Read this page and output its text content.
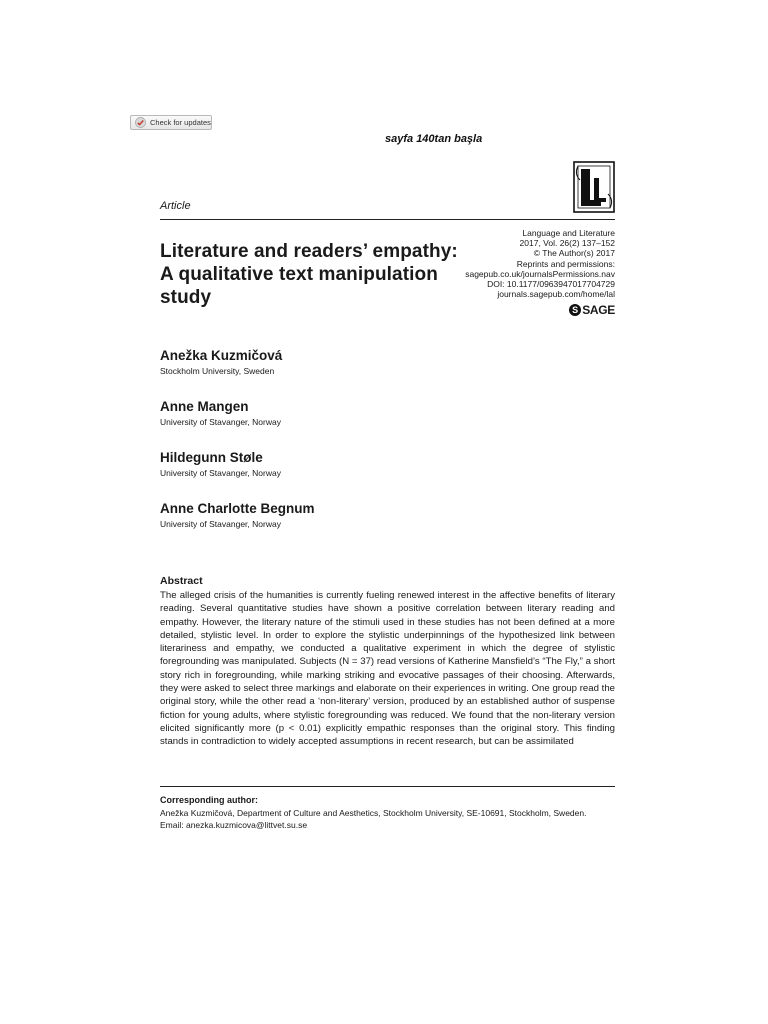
Check for updates
sayfa 140tan başla
Article
Literature and readers’ empathy: A qualitative text manipulation study
Language and Literature
2017, Vol. 26(2) 137–152
© The Author(s) 2017
Reprints and permissions:
sagepub.co.uk/journalsPermissions.nav
DOI: 10.1177/0963947017704729
journals.sagepub.com/home/lal
S SAGE
Anežka Kuzmičová
Stockholm University, Sweden
Anne Mangen
University of Stavanger, Norway
Hildegunn Støle
University of Stavanger, Norway
Anne Charlotte Begnum
University of Stavanger, Norway
Abstract
The alleged crisis of the humanities is currently fueling renewed interest in the affective benefits of literary reading. Several quantitative studies have shown a positive correlation between literary reading and empathy. However, the literary nature of the stimuli used in these studies has not been defined at a more detailed, stylistic level. In order to explore the stylistic underpinnings of the hypothesized link between literariness and empathy, we conducted a qualitative experiment in which the degree of stylistic foregrounding was manipulated. Subjects (N = 37) read versions of Katherine Mansfield’s “The Fly,” a short story rich in foregrounding, while marking striking and evocative passages of their choosing. Afterwards, they were asked to select three markings and elaborate on their experiences in writing. One group read the original story, while the other read a ‘non-literary’ version, produced by an established author of suspense fiction for young adults, where stylistic foregrounding was reduced. We found that the non-literary version elicited significantly more (p < 0.01) explicitly empathic responses than the original story. This finding stands in contradiction to widely accepted assumptions in recent research, but can be assimilated
Corresponding author:
Anežka Kuzmičová, Department of Culture and Aesthetics, Stockholm University, SE-10691, Stockholm, Sweden.
Email: anezka.kuzmicova@littvet.su.se
